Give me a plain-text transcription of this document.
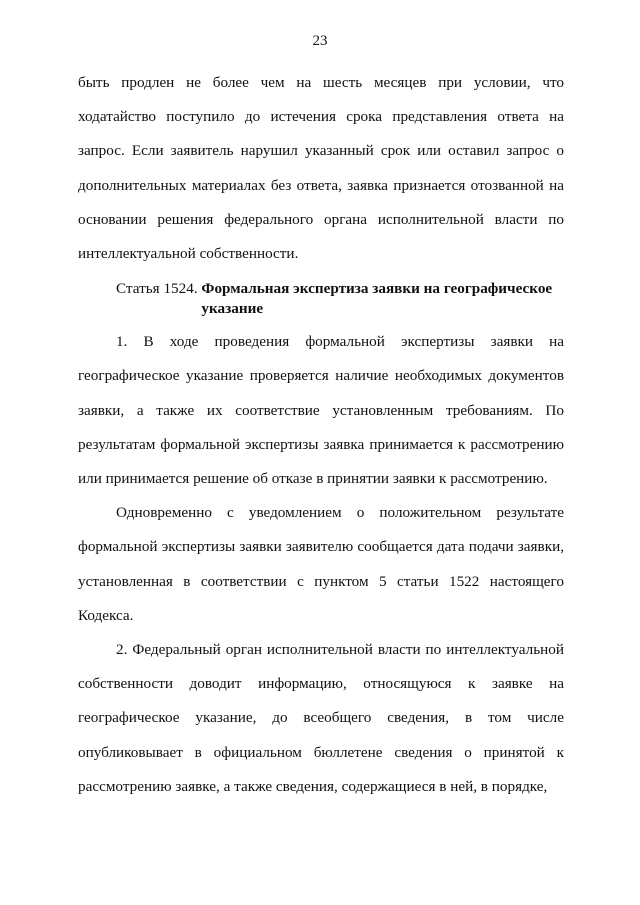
23

быть продлен не более чем на шесть месяцев при условии, что ходатайство поступило до истечения срока представления ответа на запрос. Если заявитель нарушил указанный срок или оставил запрос о дополнительных материалах без ответа, заявка признается отозванной на основании решения федерального органа исполнительной власти по интеллектуальной собственности.

Статья 1524. Формальная экспертиза заявки на географическое указание

1. В ходе проведения формальной экспертизы заявки на географическое указание проверяется наличие необходимых документов заявки, а также их соответствие установленным требованиям. По результатам формальной экспертизы заявка принимается к рассмотрению или принимается решение об отказе в принятии заявки к рассмотрению.

Одновременно с уведомлением о положительном результате формальной экспертизы заявки заявителю сообщается дата подачи заявки, установленная в соответствии с пунктом 5 статьи 1522 настоящего Кодекса.

2. Федеральный орган исполнительной власти по интеллектуальной собственности доводит информацию, относящуюся к заявке на географическое указание, до всеобщего сведения, в том числе опубликовывает в официальном бюллетене сведения о принятой к рассмотрению заявке, а также сведения, содержащиеся в ней, в порядке,
